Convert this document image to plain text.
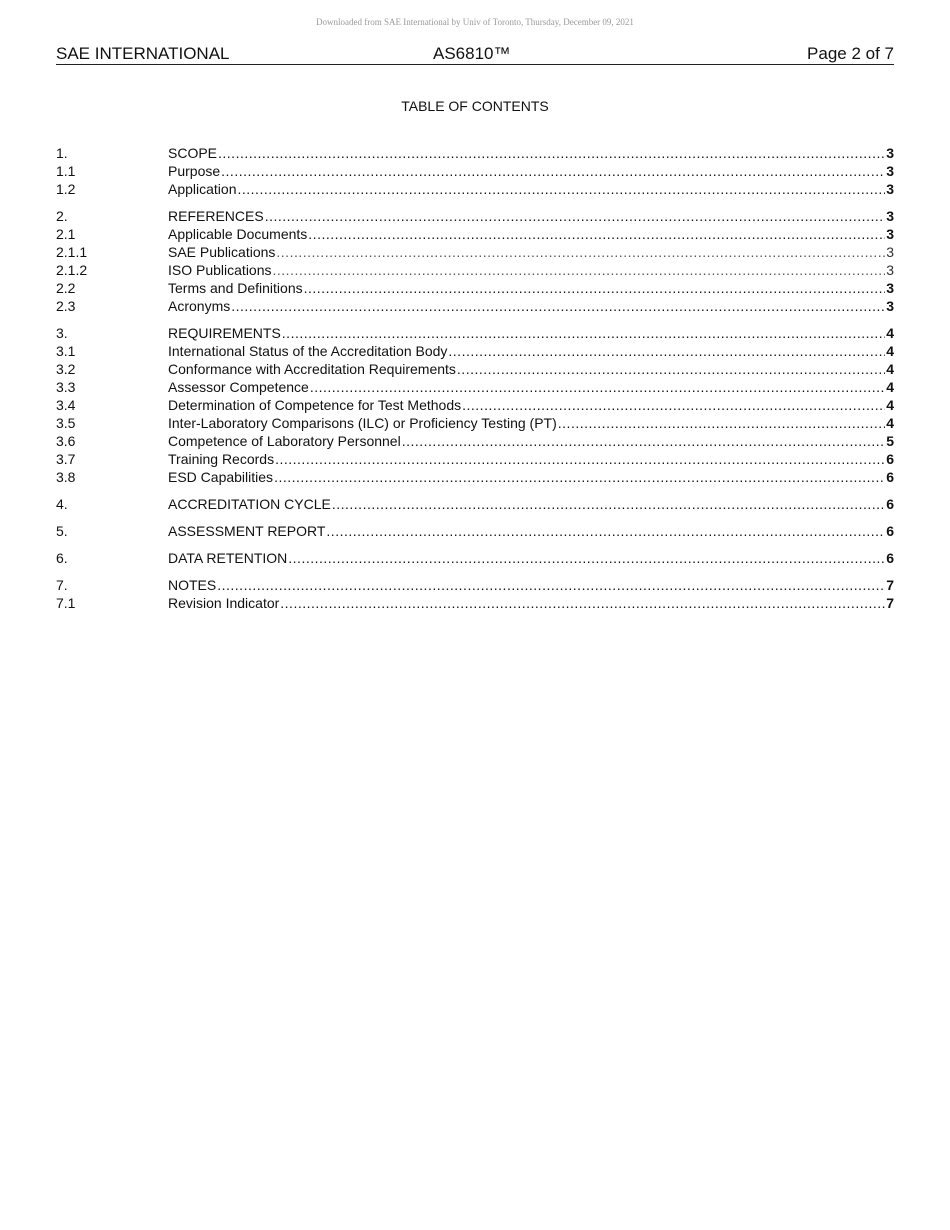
Downloaded from SAE International by Univ of Toronto, Thursday, December 09, 2021
SAE INTERNATIONAL	AS6810™	Page 2 of 7
TABLE OF CONTENTS
1.	SCOPE .....	3
1.1	Purpose .....	3
1.2	Application .....	3
2.	REFERENCES .....	3
2.1	Applicable Documents .....	3
2.1.1	SAE Publications .....	3
2.1.2	ISO Publications .....	3
2.2	Terms and Definitions .....	3
2.3	Acronyms .....	3
3.	REQUIREMENTS .....	4
3.1	International Status of the Accreditation Body .....	4
3.2	Conformance with Accreditation Requirements .....	4
3.3	Assessor Competence .....	4
3.4	Determination of Competence for Test Methods .....	4
3.5	Inter-Laboratory Comparisons (ILC) or Proficiency Testing (PT) .....	4
3.6	Competence of Laboratory Personnel .....	5
3.7	Training Records .....	6
3.8	ESD Capabilities .....	6
4.	ACCREDITATION CYCLE .....	6
5.	ASSESSMENT REPORT .....	6
6.	DATA RETENTION .....	6
7.	NOTES .....	7
7.1	Revision Indicator .....	7
